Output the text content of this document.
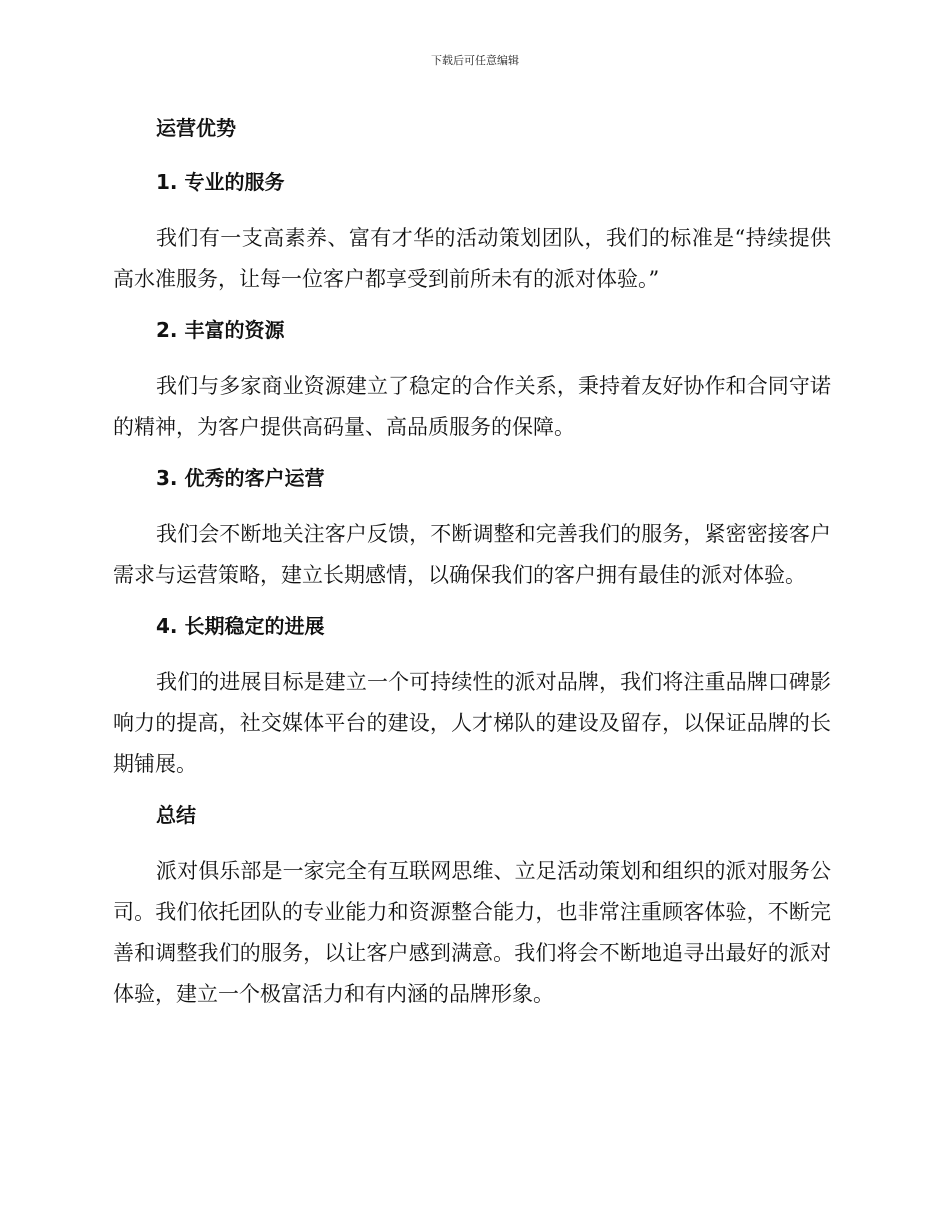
下载后可任意编辑
运营优势
1. 专业的服务

我们有一支高素养、富有才华的活动策划团队，我们的标准是“持续提供高水准服务，让每一位客户都享受到前所未有的派对体验。”

2. 丰富的资源

我们与多家商业资源建立了稳定的合作关系，秉持着友好协作和合同守诺的精神，为客户提供高码量、高品质服务的保障。

3. 优秀的客户运营

我们会不断地关注客户反馈，不断调整和完善我们的服务，紧密密接客户需求与运营策略，建立长期感情，以确保我们的客户拥有最佳的派对体验。

4. 长期稳定的进展

我们的进展目标是建立一个可持续性的派对品牌，我们将注重品牌口碑影响力的提高，社交媒体平台的建设，人才梯队的建设及留存，以保证品牌的长期铺展。

总结

派对俱乐部是一家完全有互联网思维、立足活动策划和组织的派对服务公司。我们依托团队的专业能力和资源整合能力，也非常注重顾客体验，不断完善和调整我们的服务，以让客户感到满意。我们将会不断地追寻出最好的派对体验，建立一个极富活力和有内涵的品牌形象。
